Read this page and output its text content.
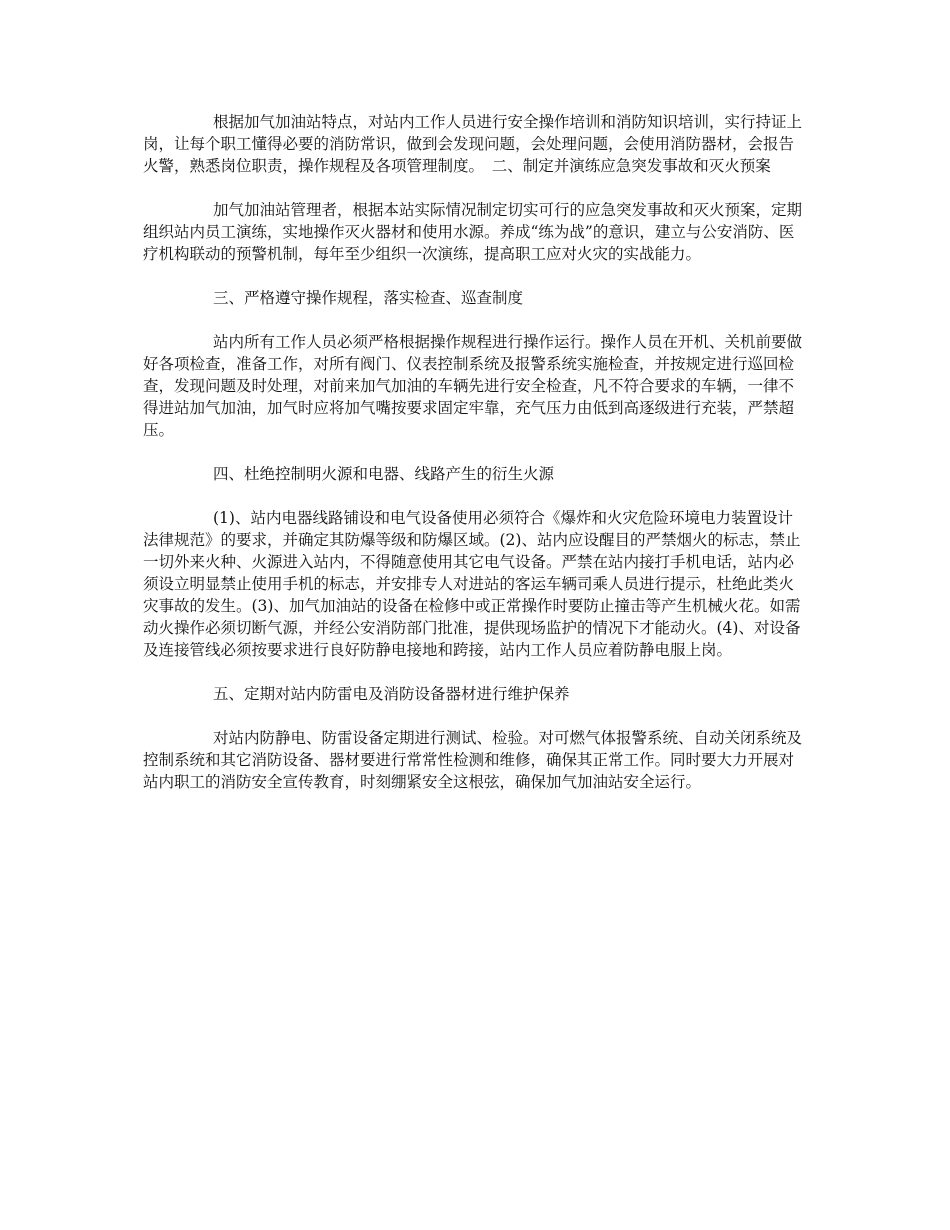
根据加气加油站特点，对站内工作人员进行安全操作培训和消防知识培训，实行持证上岗，让每个职工懂得必要的消防常识，做到会发现问题，会处理问题，会使用消防器材，会报告火警，熟悉岗位职责，操作规程及各项管理制度。　二、制定并演练应急突发事故和灭火预案

加气加油站管理者，根据本站实际情况制定切实可行的应急突发事故和灭火预案，定期组织站内员工演练，实地操作灭火器材和使用水源。养成“练为战”的意识，建立与公安消防、医疗机构联动的预警机制，每年至少组织一次演练，提高职工应对火灾的实战能力。

三、严格遵守操作规程，落实检查、巡查制度

站内所有工作人员必须严格根据操作规程进行操作运行。操作人员在开机、关机前要做好各项检查，准备工作，对所有阀门、仪表控制系统及报警系统实施检查，并按规定进行巡回检查，发现问题及时处理，对前来加气加油的车辆先进行安全检查，凡不符合要求的车辆，一律不得进站加气加油，加气时应将加气嘴按要求固定牢靠，充气压力由低到高逐级进行充装，严禁超压。

四、杜绝控制明火源和电器、线路产生的衍生火源

(1)、站内电器线路铺设和电气设备使用必须符合《爆炸和火灾危险环境电力装置设计法律规范》的要求，并确定其防爆等级和防爆区域。(2)、站内应设醒目的严禁烟火的标志，禁止一切外来火种、火源进入站内，不得随意使用其它电气设备。严禁在站内接打手机电话，站内必须设立明显禁止使用手机的标志，并安排专人对进站的客运车辆司乘人员进行提示，杜绝此类火灾事故的发生。(3)、加气加油站的设备在检修中或正常操作时要防止撞击等产生机械火花。如需动火操作必须切断气源，并经公安消防部门批准，提供现场监护的情况下才能动火。(4)、对设备及连接管线必须按要求进行良好防静电接地和跨接，站内工作人员应着防静电服上岗。

五、定期对站内防雷电及消防设备器材进行维护保养

对站内防静电、防雷设备定期进行测试、检验。对可燃气体报警系统、自动关闭系统及控制系统和其它消防设备、器材要进行常常性检测和维修，确保其正常工作。同时要大力开展对站内职工的消防安全宣传教育，时刻绷紧安全这根弦，确保加气加油站安全运行。
